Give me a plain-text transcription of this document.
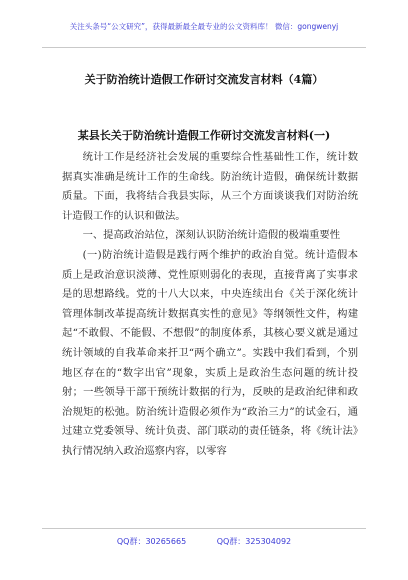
关注头条号“公文研究”，获得最新最全最专业的公文资料库！ 微信：gongwenyj
关于防治统计造假工作研讨交流发言材料（4篇）
某县长关于防治统计造假工作研讨交流发言材料(一)

统计工作是经济社会发展的重要综合性基础性工作，统计数据真实准确是统计工作的生命线。防治统计造假，确保统计数据质量。下面，我将结合我县实际，从三个方面谈谈我们对防治统计造假工作的认识和做法。

一、提高政治站位，深刻认识防治统计造假的极端重要性

(一)防治统计造假是践行两个维护的政治自觉。统计造假本质上是政治意识淡薄、党性原则弱化的表现，直接背离了实事求是的思想路线。党的十八大以来，中央连续出台《关于深化统计管理体制改革提高统计数据真实性的意见》等纲领性文件，构建起“不敢假、不能假、不想假”的制度体系，其核心要义就是通过统计领域的自我革命来扞卫“两个确立”。实践中我们看到，个别地区存在的“数字出官”现象，实质上是政治生态问题的统计投射；一些领导干部干预统计数据的行为，反映的是政治纪律和政治规矩的松弛。防治统计造假必须作为“政治三力”的试金石，通过建立党委领导、统计负责、部门联动的责任链条，将《统计法》执行情况纳入政治巡察内容，以零容

QQ群：30265665	QQ群：325304092
